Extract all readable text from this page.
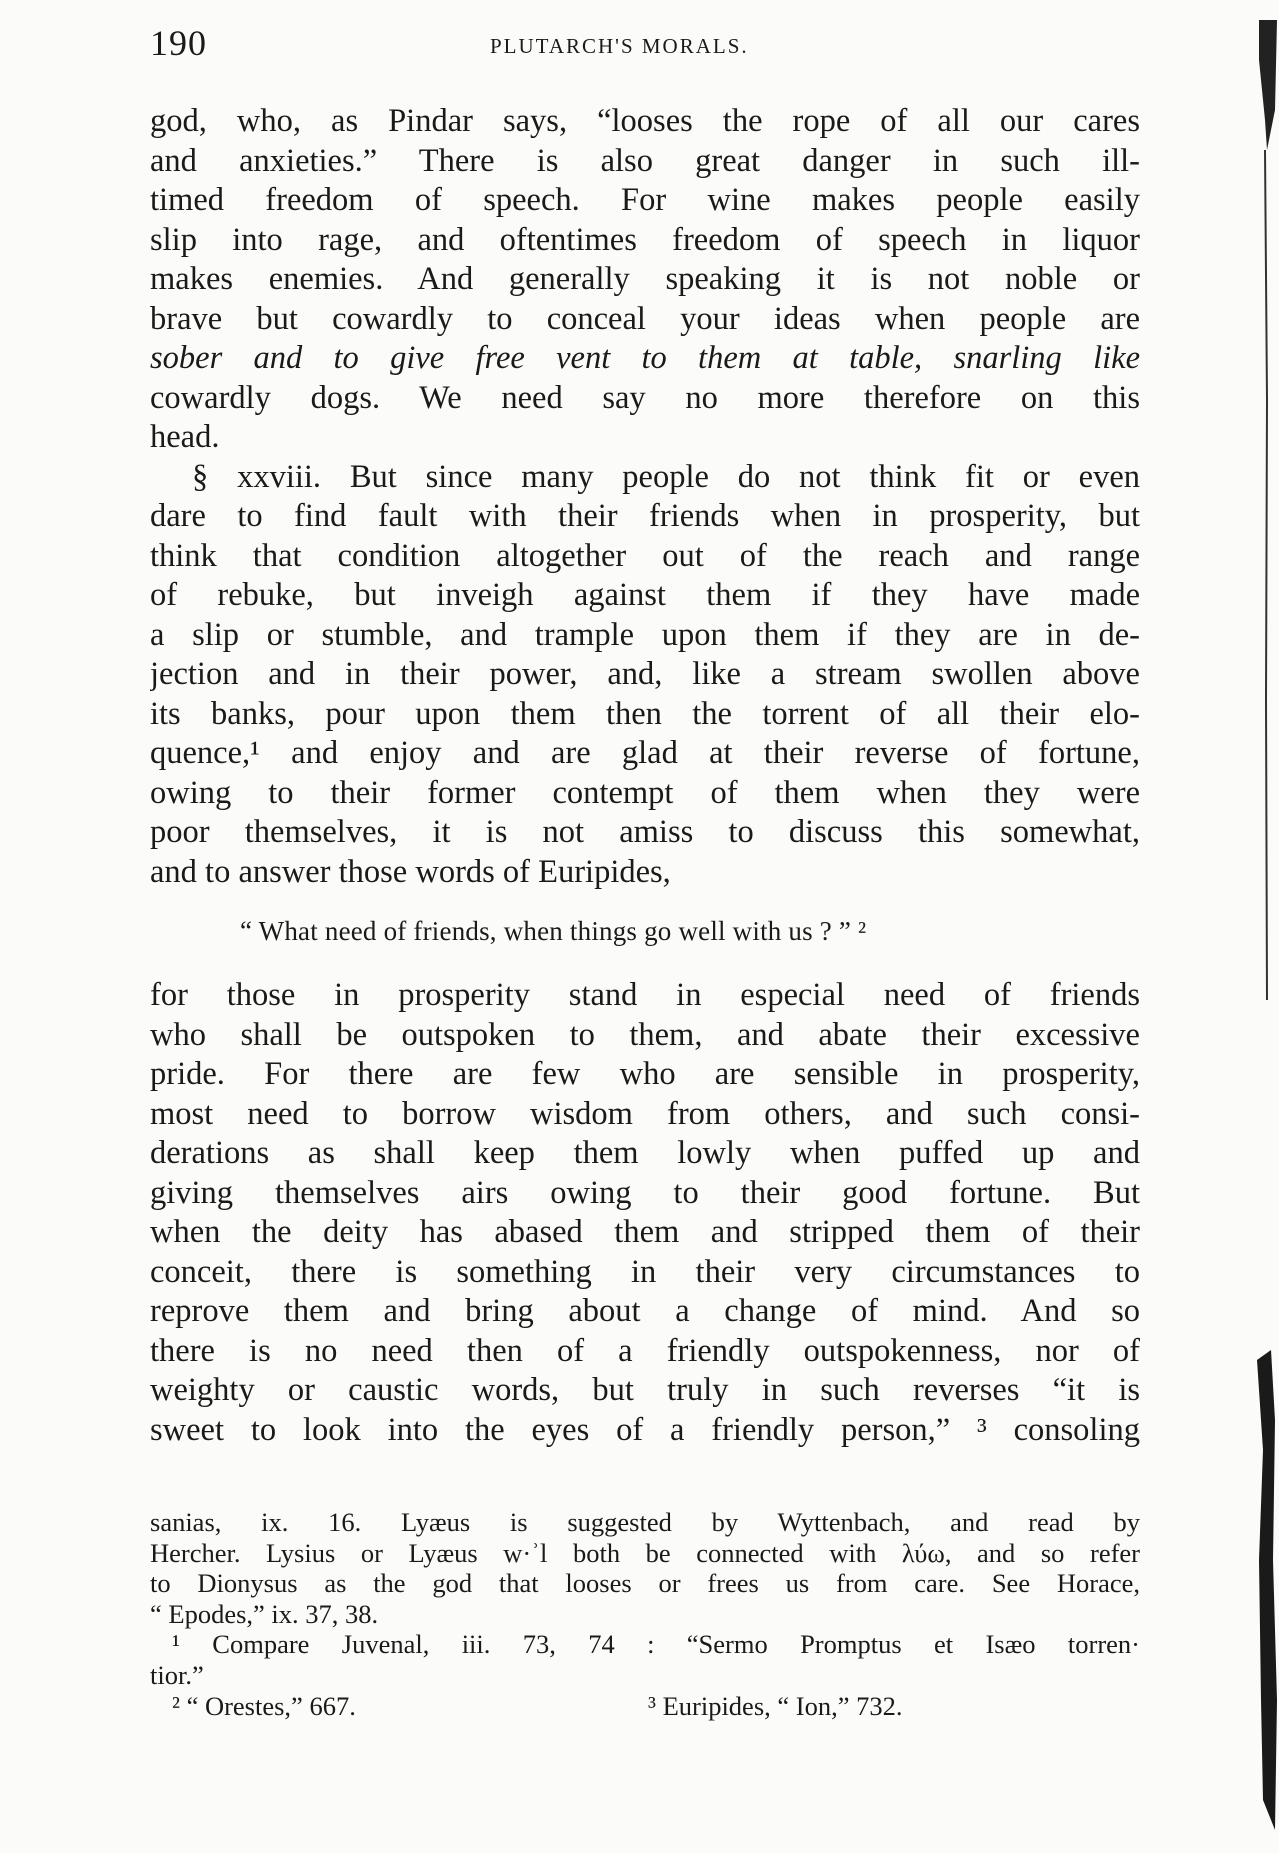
190	PLUTARCH'S MORALS.
god, who, as Pindar says, “looses the rope of all our cares
and anxieties.” There is also great danger in such ill-
timed freedom of speech. For wine makes people easily
slip into rage, and oftentimes freedom of speech in liquor
makes enemies. And generally speaking it is not noble or
brave but cowardly to conceal your ideas when people are
sober and to give free vent to them at table, snarling like
cowardly dogs. We need say no more therefore on this
head.
§ xxviii. But since many people do not think fit or even
dare to find fault with their friends when in prosperity, but
think that condition altogether out of the reach and range
of rebuke, but inveigh against them if they have made
a slip or stumble, and trample upon them if they are in de-
jection and in their power, and, like a stream swollen above
its banks, pour upon them then the torrent of all their elo-
quence,¹ and enjoy and are glad at their reverse of fortune,
owing to their former contempt of them when they were
poor themselves, it is not amiss to discuss this somewhat,
and to answer those words of Euripides,
“ What need of friends, when things go well with us ? ” ²
for those in prosperity stand in especial need of friends
who shall be outspoken to them, and abate their excessive
pride. For there are few who are sensible in prosperity,
most need to borrow wisdom from others, and such consi-
derations as shall keep them lowly when puffed up and
giving themselves airs owing to their good fortune. But
when the deity has abased them and stripped them of their
conceit, there is something in their very circumstances to
reprove them and bring about a change of mind. And so
there is no need then of a friendly outspokenness, nor of
weighty or caustic words, but truly in such reverses “it is
sweet to look into the eyes of a friendly person,” ³ consoling
sanias, ix. 16. Lyæus is suggested by Wyttenbach, and read by
Hercher. Lysius or Lyæus w·ʾl both be connected with λύω, and so refer
to Dionysus as the god that looses or frees us from care. See Horace,
“ Epodes,” ix. 37, 38.
¹ Compare Juvenal, iii. 73, 74 : “Sermo Promptus et Isæo torren·
tior.”
² “ Orestes,” 667.	³ Euripides, “ Ion,” 732.
